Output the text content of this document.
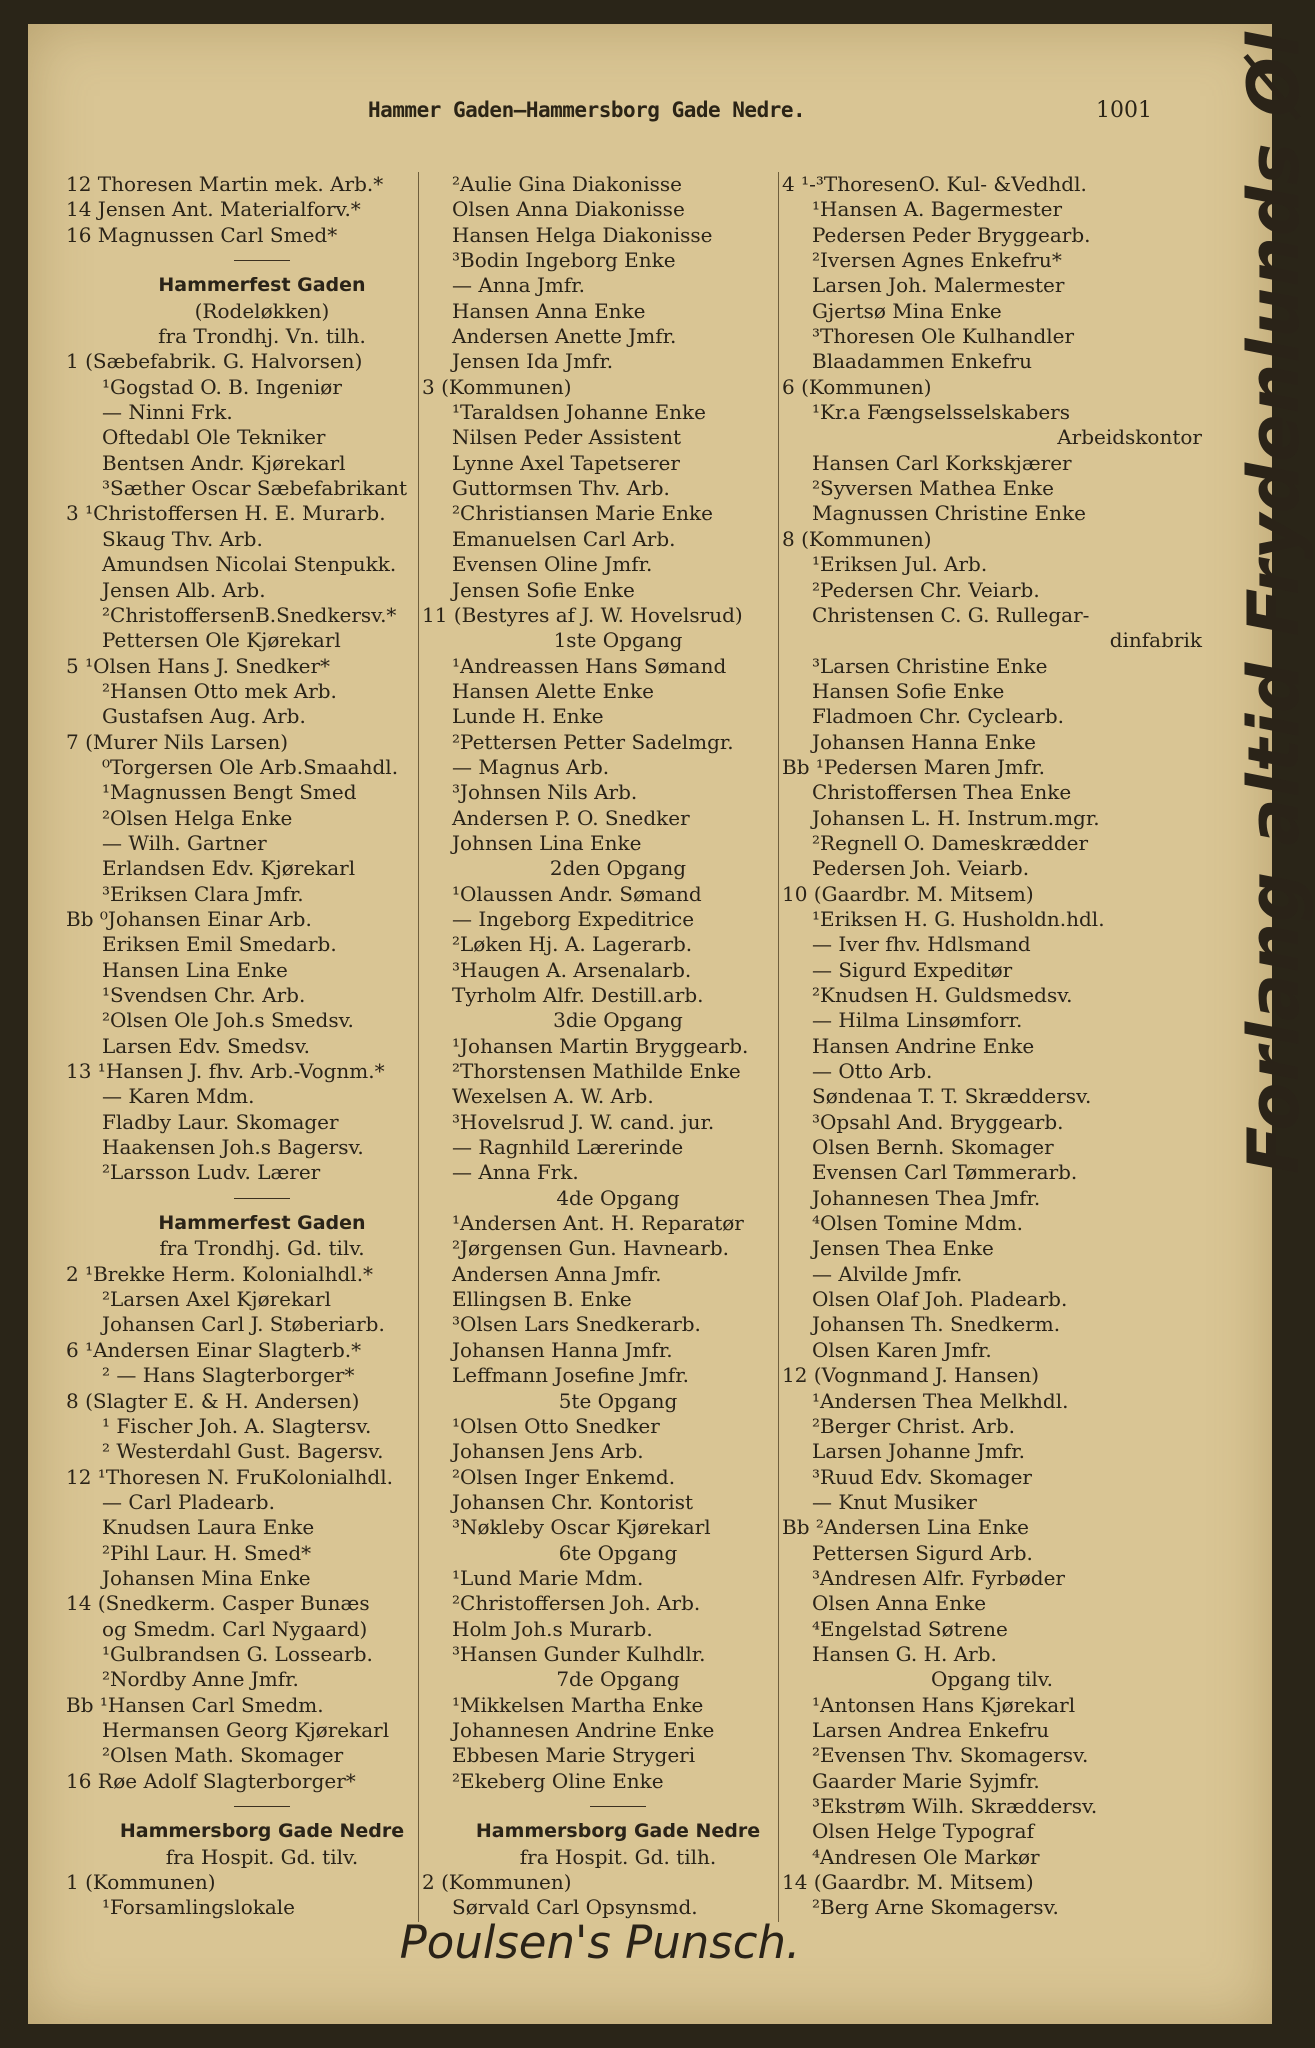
Hammer Gaden—Hammersborg Gade Nedre.	1001
12 Thoresen Martin mek. Arb.*
14 Jensen Ant. Materialforv.*
16 Magnussen Carl Smed*
Hammerfest Gaden
(Rodeløkken)
fra Trondhj. Vn. tilh.
1 (Sæbefabrik. G. Halvorsen)
¹Gogstad O. B. Ingeniør
— Ninni Frk.
Oftedabl Ole Tekniker
Bentsen Andr. Kjørekarl
³Sæther Oscar Sæbefabrikant
3 ¹Christoffersen H. E. Murarb.
Skaug Thv. Arb.
Amundsen Nicolai Stenpukk.
Jensen Alb. Arb.
²ChristoffersenB.Snedkersv.*
Pettersen Ole Kjørekarl
5 ¹Olsen Hans J. Snedker*
²Hansen Otto mek Arb.
Gustafsen Aug. Arb.
7 (Murer Nils Larsen)
⁰Torgersen Ole Arb.Smaahdl.
¹Magnussen Bengt Smed
²Olsen Helga Enke
— Wilh. Gartner
Erlandsen Edv. Kjørekarl
³Eriksen Clara Jmfr.
Bb ⁰Johansen Einar Arb.
Eriksen Emil Smedarb.
Hansen Lina Enke
¹Svendsen Chr. Arb.
²Olsen Ole Joh.s Smedsv.
Larsen Edv. Smedsv.
13 ¹Hansen J. fhv. Arb.-Vognm.*
— Karen Mdm.
Fladby Laur. Skomager
Haakensen Joh.s Bagersv.
²Larsson Ludv. Lærer
Hammerfest Gaden
fra Trondhj. Gd. tilv.
2 ¹Brekke Herm. Kolonialhdl.*
²Larsen Axel Kjørekarl
Johansen Carl J. Støberiarb.
6 ¹Andersen Einar Slagterb.*
² — Hans Slagterborger*
8 (Slagter E. & H. Andersen)
¹ Fischer Joh. A. Slagtersv.
² Westerdahl Gust. Bagersv.
12 ¹Thoresen N. FruKolonialhdl.
— Carl Pladearb.
Knudsen Laura Enke
²Pihl Laur. H. Smed*
Johansen Mina Enke
14 (Snedkerm. Casper Bunæs
og Smedm. Carl Nygaard)
¹Gulbrandsen G. Lossearb.
²Nordby Anne Jmfr.
Bb ¹Hansen Carl Smedm.
Hermansen Georg Kjørekarl
²Olsen Math. Skomager
16 Røe Adolf Slagterborger*
Hammersborg Gade Nedre
fra Hospit. Gd. tilv.
1 (Kommunen)
¹Forsamlingslokale
²Aulie Gina Diakonisse
Olsen Anna Diakonisse
Hansen Helga Diakonisse
³Bodin Ingeborg Enke
— Anna Jmfr.
Hansen Anna Enke
Andersen Anette Jmfr.
Jensen Ida Jmfr.
3 (Kommunen)
¹Taraldsen Johanne Enke
Nilsen Peder Assistent
Lynne Axel Tapetserer
Guttormsen Thv. Arb.
²Christiansen Marie Enke
Emanuelsen Carl Arb.
Evensen Oline Jmfr.
Jensen Sofie Enke
11 (Bestyres af J. W. Hovelsrud)
1ste Opgang
¹Andreassen Hans Sømand
Hansen Alette Enke
Lunde H. Enke
²Pettersen Petter Sadelmgr.
— Magnus Arb.
³Johnsen Nils Arb.
Andersen P. O. Snedker
Johnsen Lina Enke
2den Opgang
¹Olaussen Andr. Sømand
— Ingeborg Expeditrice
²Løken Hj. A. Lagerarb.
³Haugen A. Arsenalarb.
Tyrholm Alfr. Destill.arb.
3die Opgang
¹Johansen Martin Bryggearb.
²Thorstensen Mathilde Enke
Wexelsen A. W. Arb.
³Hovelsrud J. W. cand. jur.
— Ragnhild Lærerinde
— Anna Frk.
4de Opgang
¹Andersen Ant. H. Reparatør
²Jørgensen Gun. Havnearb.
Andersen Anna Jmfr.
Ellingsen B. Enke
³Olsen Lars Snedkerarb.
Johansen Hanna Jmfr.
Leffmann Josefine Jmfr.
5te Opgang
¹Olsen Otto Snedker
Johansen Jens Arb.
²Olsen Inger Enkemd.
Johansen Chr. Kontorist
³Nøkleby Oscar Kjørekarl
6te Opgang
¹Lund Marie Mdm.
²Christoffersen Joh. Arb.
Holm Joh.s Murarb.
³Hansen Gunder Kulhdlr.
7de Opgang
¹Mikkelsen Martha Enke
Johannesen Andrine Enke
Ebbesen Marie Strygeri
²Ekeberg Oline Enke
Hammersborg Gade Nedre
fra Hospit. Gd. tilh.
2 (Kommunen)
Sørvald Carl Opsynsmd.
4 ¹-³ThoresenO. Kul- &Vedhdl.
¹Hansen A. Bagermester
Pedersen Peder Bryggearb.
²Iversen Agnes Enkefru*
Larsen Joh. Malermester
Gjertsø Mina Enke
³Thoresen Ole Kulhandler
Blaadammen Enkefru
6 (Kommunen)
¹Kr.a Fængselsselskabers
Arbeidskontor
Hansen Carl Korkskjærer
²Syversen Mathea Enke
Magnussen Christine Enke
8 (Kommunen)
¹Eriksen Jul. Arb.
²Pedersen Chr. Veiarb.
Christensen C. G. Rullegar-
dinfabrik
³Larsen Christine Enke
Hansen Sofie Enke
Fladmoen Chr. Cyclearb.
Johansen Hanna Enke
Bb ¹Pedersen Maren Jmfr.
Christoffersen Thea Enke
Johansen L. H. Instrum.mgr.
²Regnell O. Dameskrædder
Pedersen Joh. Veiarb.
10 (Gaardbr. M. Mitsem)
¹Eriksen H. G. Husholdn.hdl.
— Iver fhv. Hdlsmand
— Sigurd Expeditør
²Knudsen H. Guldsmedsv.
— Hilma Linsømforr.
Hansen Andrine Enke
— Otto Arb.
Søndenaa T. T. Skræddersv.
³Opsahl And. Bryggearb.
Olsen Bernh. Skomager
Evensen Carl Tømmerarb.
Johannesen Thea Jmfr.
⁴Olsen Tomine Mdm.
Jensen Thea Enke
— Alvilde Jmfr.
Olsen Olaf Joh. Pladearb.
Johansen Th. Snedkerm.
Olsen Karen Jmfr.
12 (Vognmand J. Hansen)
¹Andersen Thea Melkhdl.
²Berger Christ. Arb.
Larsen Johanne Jmfr.
³Ruud Edv. Skomager
— Knut Musiker
Bb ²Andersen Lina Enke
Pettersen Sigurd Arb.
³Andresen Alfr. Fyrbøder
Olsen Anna Enke
⁴Engelstad Søtrene
Hansen G. H. Arb.
Opgang tilv.
¹Antonsen Hans Kjørekarl
Larsen Andrea Enkefru
²Evensen Thv. Skomagersv.
Gaarder Marie Syjmfr.
³Ekstrøm Wilh. Skræddersv.
Olsen Helge Typograf
⁴Andresen Ole Markør
14 (Gaardbr. M. Mitsem)
²Berg Arne Skomagersv.
Forlang altid Frydenlunds Øl
Poulsen's Punsch.
